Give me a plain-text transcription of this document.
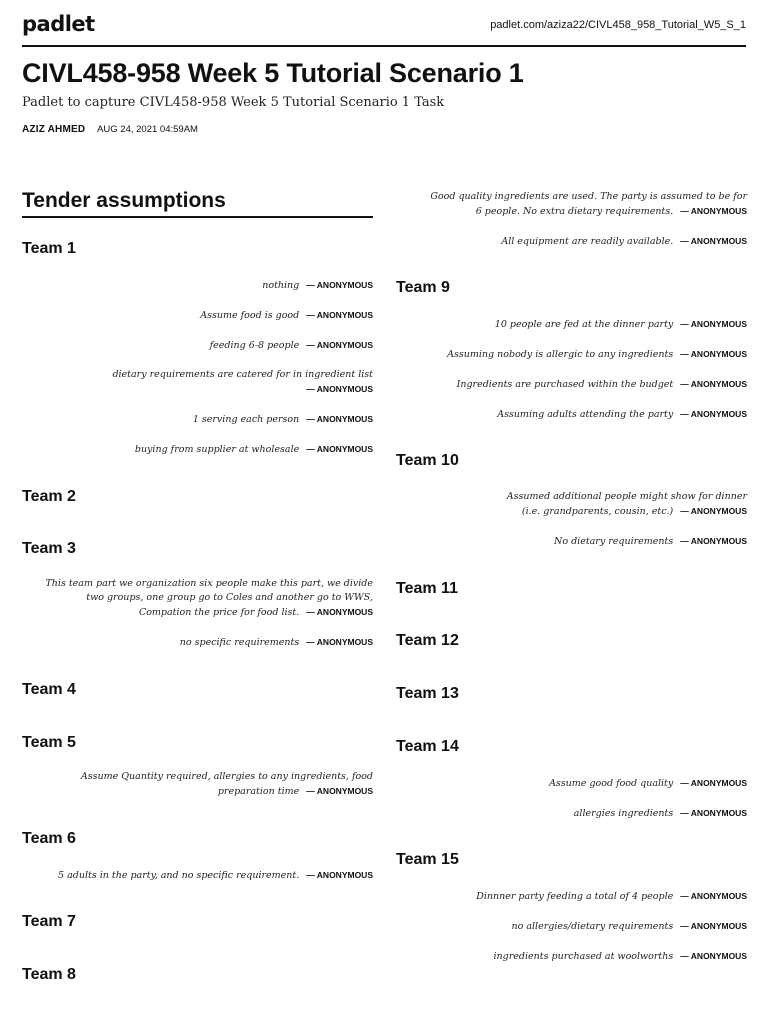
padlet	padlet.com/aziza22/CIVL458_958_Tutorial_W5_S_1
CIVL458-958 Week 5 Tutorial Scenario 1

Padlet to capture CIVL458-958 Week 5 Tutorial Scenario 1 Task

AZIZ AHMED AUG 24, 2021 04:59AM
Tender assumptions
Team 1
nothing — ANONYMOUS
Assume food is good — ANONYMOUS
feeding 6-8 people — ANONYMOUS
dietary requirements are catered for in ingredient list
— ANONYMOUS
1 serving each person — ANONYMOUS
buying from supplier at wholesale — ANONYMOUS
Team 2
Team 3
This team part we organization six people make this part, we divide two groups, one group go to Coles and another go to WWS, Compation the price for food list. — ANONYMOUS
no specific requirements — ANONYMOUS
Team 4
Team 5
Assume Quantity required, allergies to any ingredients, food preparation time — ANONYMOUS
Team 6
5 adults in the party, and no specific requirement. — ANONYMOUS
Team 7
Team 8
Good quality ingredients are used. The party is assumed to be for 6 people. No extra dietary requirements. — ANONYMOUS
All equipment are readily available. — ANONYMOUS
Team 9
10 people are fed at the dinner party — ANONYMOUS
Assuming nobody is allergic to any ingredients — ANONYMOUS
Ingredients are purchased within the budget — ANONYMOUS
Assuming adults attending the party — ANONYMOUS
Team 10
Assumed additional people might show for dinner (i.e. grandparents, cousin, etc.) — ANONYMOUS
No dietary requirements — ANONYMOUS
Team 11
Team 12
Team 13
Team 14
Assume good food quality — ANONYMOUS
allergies ingredients — ANONYMOUS
Team 15
Dinnner party feeding a total of 4 people — ANONYMOUS
no allergies/dietary requirements — ANONYMOUS
ingredients purchased at woolworths — ANONYMOUS
